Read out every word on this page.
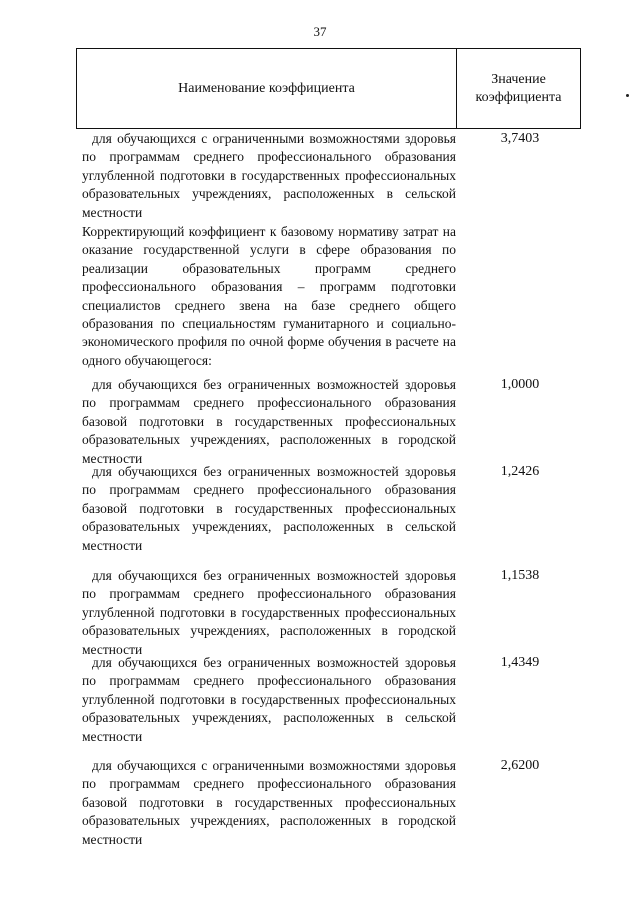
37
Наименование коэффициента
Значение коэффициента
для обучающихся с ограниченными возможностями здоровья по программам среднего профессионального образования углубленной подготовки в государственных профессиональных образовательных учреждениях, расположенных в сельской местности
3,7403
Корректирующий коэффициент к базовому нормативу затрат на оказание государственной услуги в сфере образования по реализации образовательных программ среднего профессионального образования – программ подготовки специалистов среднего звена на базе среднего общего образования по специальностям гуманитарного и социально-экономического профиля по очной форме обучения в расчете на одного обучающегося:
для обучающихся без ограниченных возможностей здоровья по программам среднего профессионального образования базовой подготовки в государственных профессиональных образовательных учреждениях, расположенных в городской местности
1,0000
для обучающихся без ограниченных возможностей здоровья по программам среднего профессионального образования базовой подготовки в государственных профессиональных образовательных учреждениях, расположенных в сельской местности
1,2426
для обучающихся без ограниченных возможностей здоровья по программам среднего профессионального образования углубленной подготовки в государственных профессиональных образовательных учреждениях, расположенных в городской местности
1,1538
для обучающихся без ограниченных возможностей здоровья по программам среднего профессионального образования углубленной подготовки в государственных профессиональных образовательных учреждениях, расположенных в сельской местности
1,4349
для обучающихся с ограниченными возможностями здоровья по программам среднего профессионального образования базовой подготовки в государственных профессиональных образовательных учреждениях, расположенных в городской местности
2,6200
